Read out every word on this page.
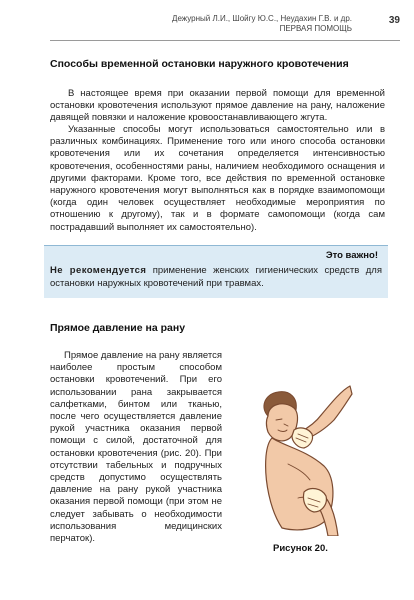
Дежурный Л.И., Шойгу Ю.С., Неудахин Г.В. и др.
ПЕРВАЯ ПОМОЩЬ
39
Способы временной остановки наружного кровотечения

В настоящее время при оказании первой помощи для временной остановки кровотечения используют прямое давление на рану, наложение давящей повязки и наложение кровоостанавливающего жгута.

Указанные способы могут использоваться самостоятельно или в различных комбинациях. Применение того или иного способа остановки кровотечения или их сочетания определяется интенсивностью кровотечения, особенностями раны, наличием необходимого оснащения и другими факторами. Кроме того, все действия по временной остановке наружного кровотечения могут выполняться как в порядке взаимопомощи (когда один человек осуществляет необходимые мероприятия по отношению к другому), так и в формате самопомощи (когда сам пострадавший выполняет их самостоятельно).

Это важно!
Не рекомендуется применение женских гигиенических средств для остановки наружных кровотечений при травмах.
Прямое давление на рану

Прямое давление на рану является наиболее простым способом остановки кровотечений. При его использовании рана закрывается салфетками, бинтом или тканью, после чего осуществляется давление рукой участника оказания первой помощи с силой, достаточной для остановки кровотечения (рис. 20). При отсутствии табельных и подручных средств допустимо осуществлять давление на рану рукой участника оказания первой помощи (при этом не следует забывать о необходимости использования медицинских перчаток).

Рисунок 20.
